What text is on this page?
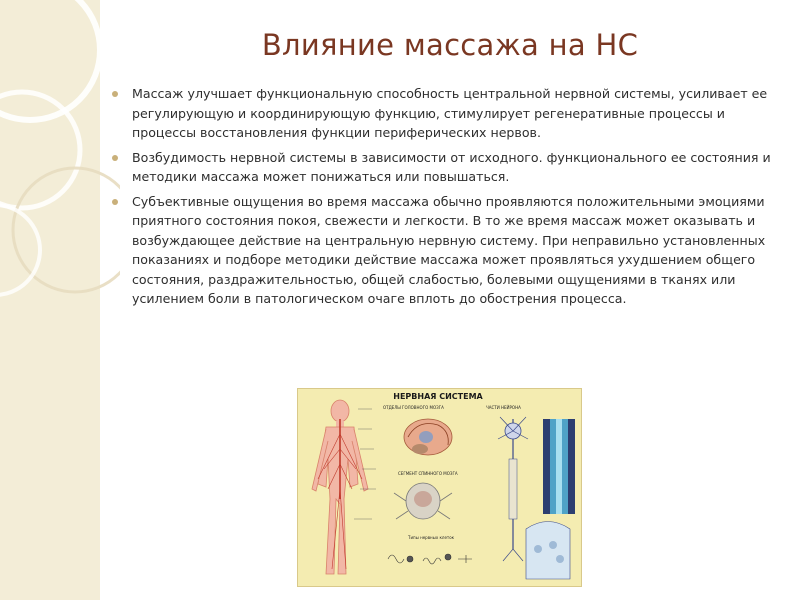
Влияние массажа на НС
Массаж улучшает функциональную способность центральной нервной системы, усиливает ее регулирующую и координирующую функцию, стимулирует регенеративные процессы и процессы восстановления функции периферических нервов.
Возбудимость нервной системы в зависимости от исходного. функционального ее состояния и методики массажа может понижаться или повышаться.
Субъективные ощущения во время массажа обычно проявляются положительными эмоциями приятного состояния покоя, свежести и легкости. В то же время массаж может оказывать и возбуждающее действие на центральную нервную систему. При неправильно установленных показаниях и подборе методики действие массажа может проявляться ухудшением общего состояния, раздражительностью, общей слабостью, болевыми ощущениями в тканях или усилением боли в патологическом очаге вплоть до обострения процесса.
НЕРВНАЯ СИСТЕМА
ОТДЕЛЫ ГОЛОВНОГО МОЗГА	ЧАСТИ НЕЙРОНА
СЕГМЕНТ СПИННОГО МОЗГА
Типы нервных клеток
